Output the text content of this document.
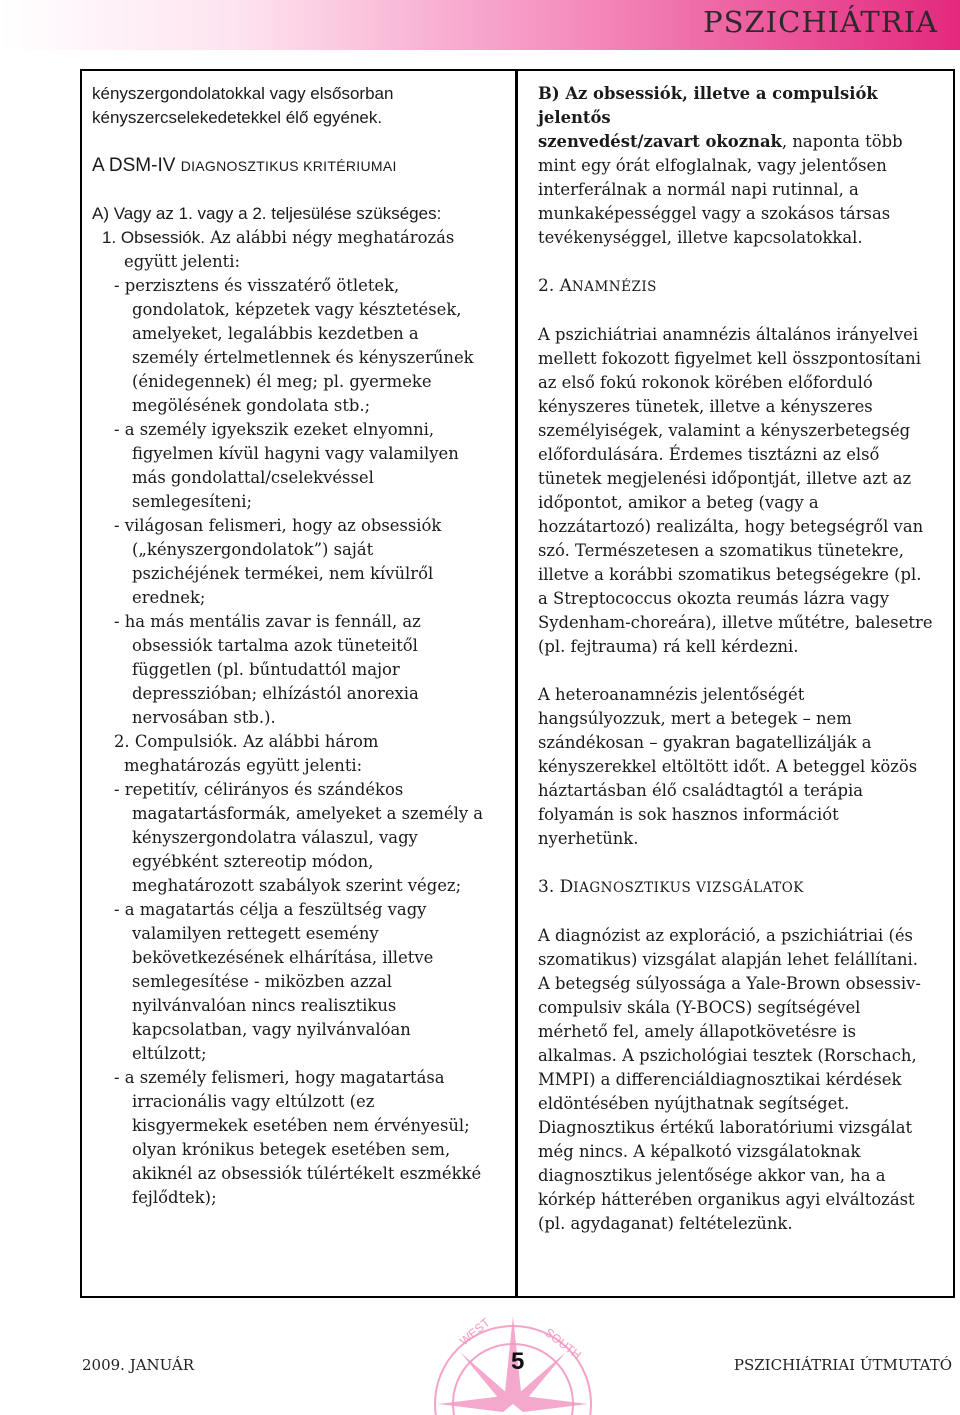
PSZICHIÁTRIA

kényszergondolatokkal vagy elsősorban

kényszercselekedetekkel élő egyének.

A DSM-IV DIAGNOSZTIKUS KRITÉRIUMAI

A) Vagy az 1. vagy a 2. teljesülése szükséges:

1. Obsessiók. Az alábbi négy meghatározás

együtt jelenti:

- perzisztens és visszatérő ötletek,

gondolatok, képzetek vagy késztetések,

amelyeket, legalábbis kezdetben a

személy értelmetlennek és kényszerűnek

(énidegennek) él meg; pl. gyermeke

megölésének gondolata stb.;

- a személy igyekszik ezeket elnyomni,

figyelmen kívül hagyni vagy valamilyen

más gondolattal/cselekvéssel

semlegesíteni;

- világosan felismeri, hogy az obsessiók

(„kényszergondolatok”) saját

pszichéjének termékei, nem kívülről

erednek;

- ha más mentális zavar is fennáll, az

obsessiók tartalma azok tüneteitől

független (pl. bűntudattól major

depresszióban; elhízástól anorexia

nervosában stb.).

2. Compulsiók. Az alábbi három

meghatározás együtt jelenti:

- repetitív, célirányos és szándékos

magatartásformák, amelyeket a személy a

kényszergondolatra válaszul, vagy

egyébként sztereotip módon,

meghatározott szabályok szerint végez;

- a magatartás célja a feszültség vagy

valamilyen rettegett esemény

bekövetkezésének elhárítása, illetve

semlegesítése - miközben azzal

nyilvánvalóan nincs realisztikus

kapcsolatban, vagy nyilvánvalóan

eltúlzott;

- a személy felismeri, hogy magatartása

irracionális vagy eltúlzott (ez

kisgyermekek esetében nem érvényesül;

olyan krónikus betegek esetében sem,

akiknél az obsessiók túlértékelt eszmékké

fejlődtek);

B) Az obsessiók, illetve a compulsiók jelentős

szenvedést/zavart okoznak, naponta több

mint egy órát elfoglalnak, vagy jelentősen

interferálnak a normál napi rutinnal, a

munkaképességgel vagy a szokásos társas

tevékenységgel, illetve kapcsolatokkal.

2. ANAMNÉZIS

A pszichiátriai anamnézis általános irányelvei

mellett fokozott figyelmet kell összpontosítani

az első fokú rokonok körében előforduló

kényszeres tünetek, illetve a kényszeres

személyiségek, valamint a kényszerbetegség

előfordulására. Érdemes tisztázni az első

tünetek megjelenési időpontját, illetve azt az

időpontot, amikor a beteg (vagy a

hozzátartozó) realizálta, hogy betegségről van

szó. Természetesen a szomatikus tünetekre,

illetve a korábbi szomatikus betegségekre (pl.

a Streptococcus okozta reumás lázra vagy

Sydenham-choreára), illetve műtétre, balesetre

(pl. fejtrauma) rá kell kérdezni.

A heteroanamnézis jelentőségét

hangsúlyozzuk, mert a betegek – nem

szándékosan – gyakran bagatellizálják a

kényszerekkel eltöltött időt. A beteggel közös

háztartásban élő családtagtól a terápia

folyamán is sok hasznos információt

nyerhetünk.

3. DIAGNOSZTIKUS VIZSGÁLATOK

A diagnózist az exploráció, a pszichiátriai (és

szomatikus) vizsgálat alapján lehet felállítani.

A betegség súlyossága a Yale-Brown obsessiv-

compulsiv skála (Y-BOCS) segítségével

mérhető fel, amely állapotkövetésre is

alkalmas. A pszichológiai tesztek (Rorschach,

MMPI) a differenciáldiagnosztikai kérdések

eldöntésében nyújthatnak segítséget.

Diagnosztikus értékű laboratóriumi vizsgálat

még nincs. A képalkotó vizsgálatoknak

diagnosztikus jelentősége akkor van, ha a

kórkép hátterében organikus agyi elváltozást

(pl. agydaganat) feltételezünk.

WEST	SOUTH
2009. JANUÁR	5	PSZICHIÁTRIAI ÚTMUTATÓ
